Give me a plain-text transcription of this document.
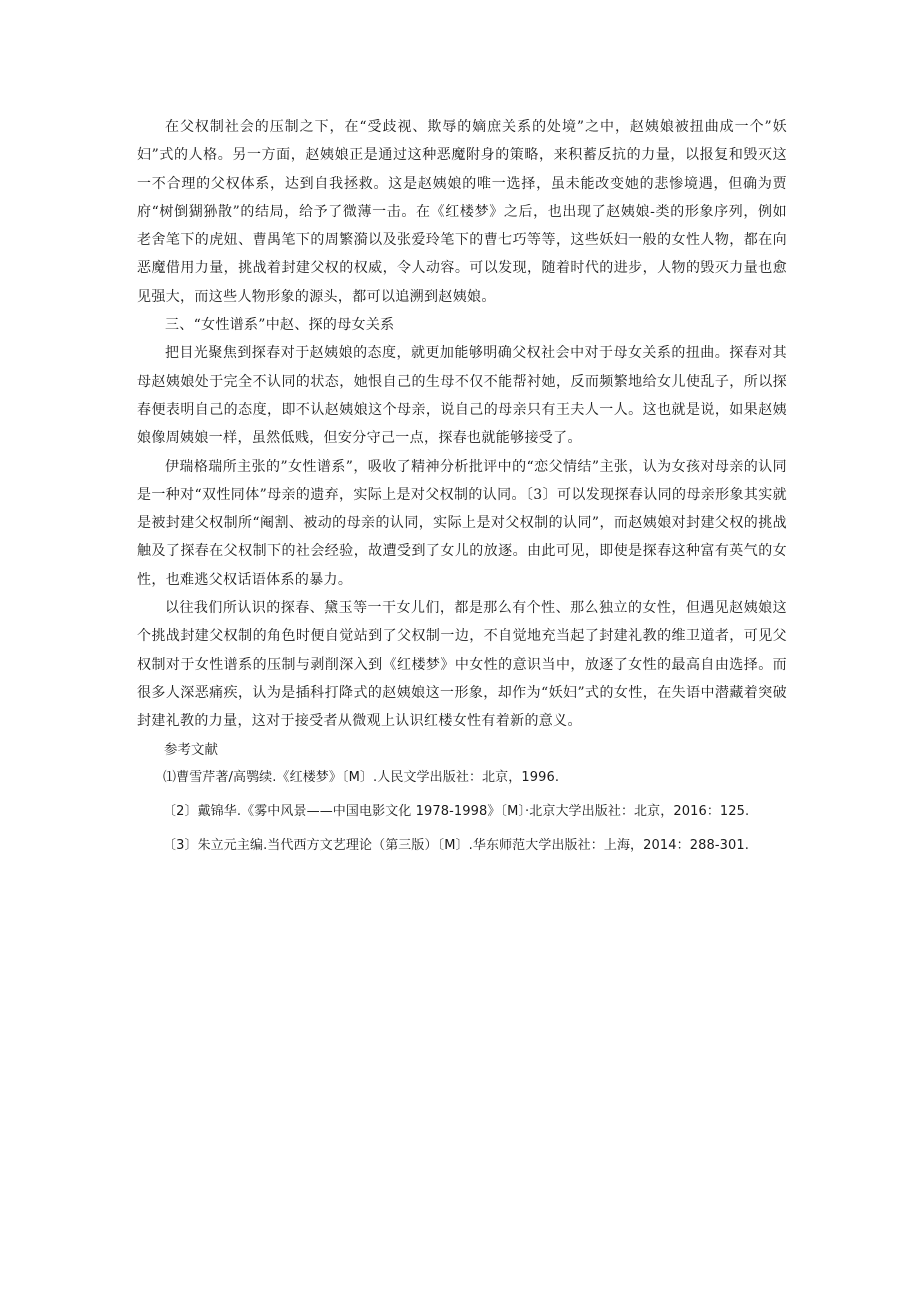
在父权制社会的压制之下，在“受歧视、欺辱的嫡庶关系的处境”之中，赵姨娘被扭曲成一个”妖妇”式的人格。另一方面，赵姨娘正是通过这种恶魔附身的策略，来积蓄反抗的力量，以报复和毁灭这一不合理的父权体系，达到自我拯救。这是赵姨娘的唯一选择，虽未能改变她的悲惨境遇，但确为贾府“树倒猢狲散”的结局，给予了微薄一击。在《红楼梦》之后，也出现了赵姨娘-类的形象序列，例如老舍笔下的虎妞、曹禺笔下的周繁漪以及张爱玲笔下的曹七巧等等，这些妖妇一般的女性人物，都在向恶魔借用力量，挑战着封建父权的权威，令人动容。可以发现，随着时代的进步，人物的毁灭力量也愈见强大，而这些人物形象的源头，都可以追溯到赵姨娘。

三、“女性谱系”中赵、探的母女关系

把目光聚焦到探春对于赵姨娘的态度，就更加能够明确父权社会中对于母女关系的扭曲。探春对其母赵姨娘处于完全不认同的状态，她恨自己的生母不仅不能帮衬她，反而频繁地给女儿使乱子，所以探春便表明自己的态度，即不认赵姨娘这个母亲，说自己的母亲只有王夫人一人。这也就是说，如果赵姨娘像周姨娘一样，虽然低贱，但安分守己一点，探春也就能够接受了。

伊瑞格瑞所主张的”女性谱系”，吸收了精神分析批评中的“恋父情结”主张，认为女孩对母亲的认同是一种对“双性同体”母亲的遗弃，实际上是对父权制的认同。〔3〕可以发现探春认同的母亲形象其实就是被封建父权制所“阉割、被动的母亲的认同，实际上是对父权制的认同”，而赵姨娘对封建父权的挑战触及了探春在父权制下的社会经验，故遭受到了女儿的放逐。由此可见，即使是探春这种富有英气的女性，也难逃父权话语体系的暴力。

以往我们所认识的探春、黛玉等一干女儿们，都是那么有个性、那么独立的女性，但遇见赵姨娘这个挑战封建父权制的角色时便自觉站到了父权制一边，不自觉地充当起了封建礼教的维卫道者，可见父权制对于女性谱系的压制与剥削深入到《红楼梦》中女性的意识当中，放逐了女性的最高自由选择。而很多人深恶痛疾，认为是插科打降式的赵姨娘这一形象，却作为“妖妇”式的女性，在失语中潜藏着突破封建礼教的力量，这对于接受者从微观上认识红楼女性有着新的意义。

参考文献

⑴曹雪芹著/高鹗续.《红楼梦》〔M〕.人民文学出版社：北京，1996.

〔2〕戴锦华.《雾中风景——中国电影文化 1978-1998》〔M〕·北京大学出版社：北京，2016：125.

〔3〕朱立元主编.当代西方文艺理论（第三版）〔M〕.华东师范大学出版社：上海，2014：288-301.
